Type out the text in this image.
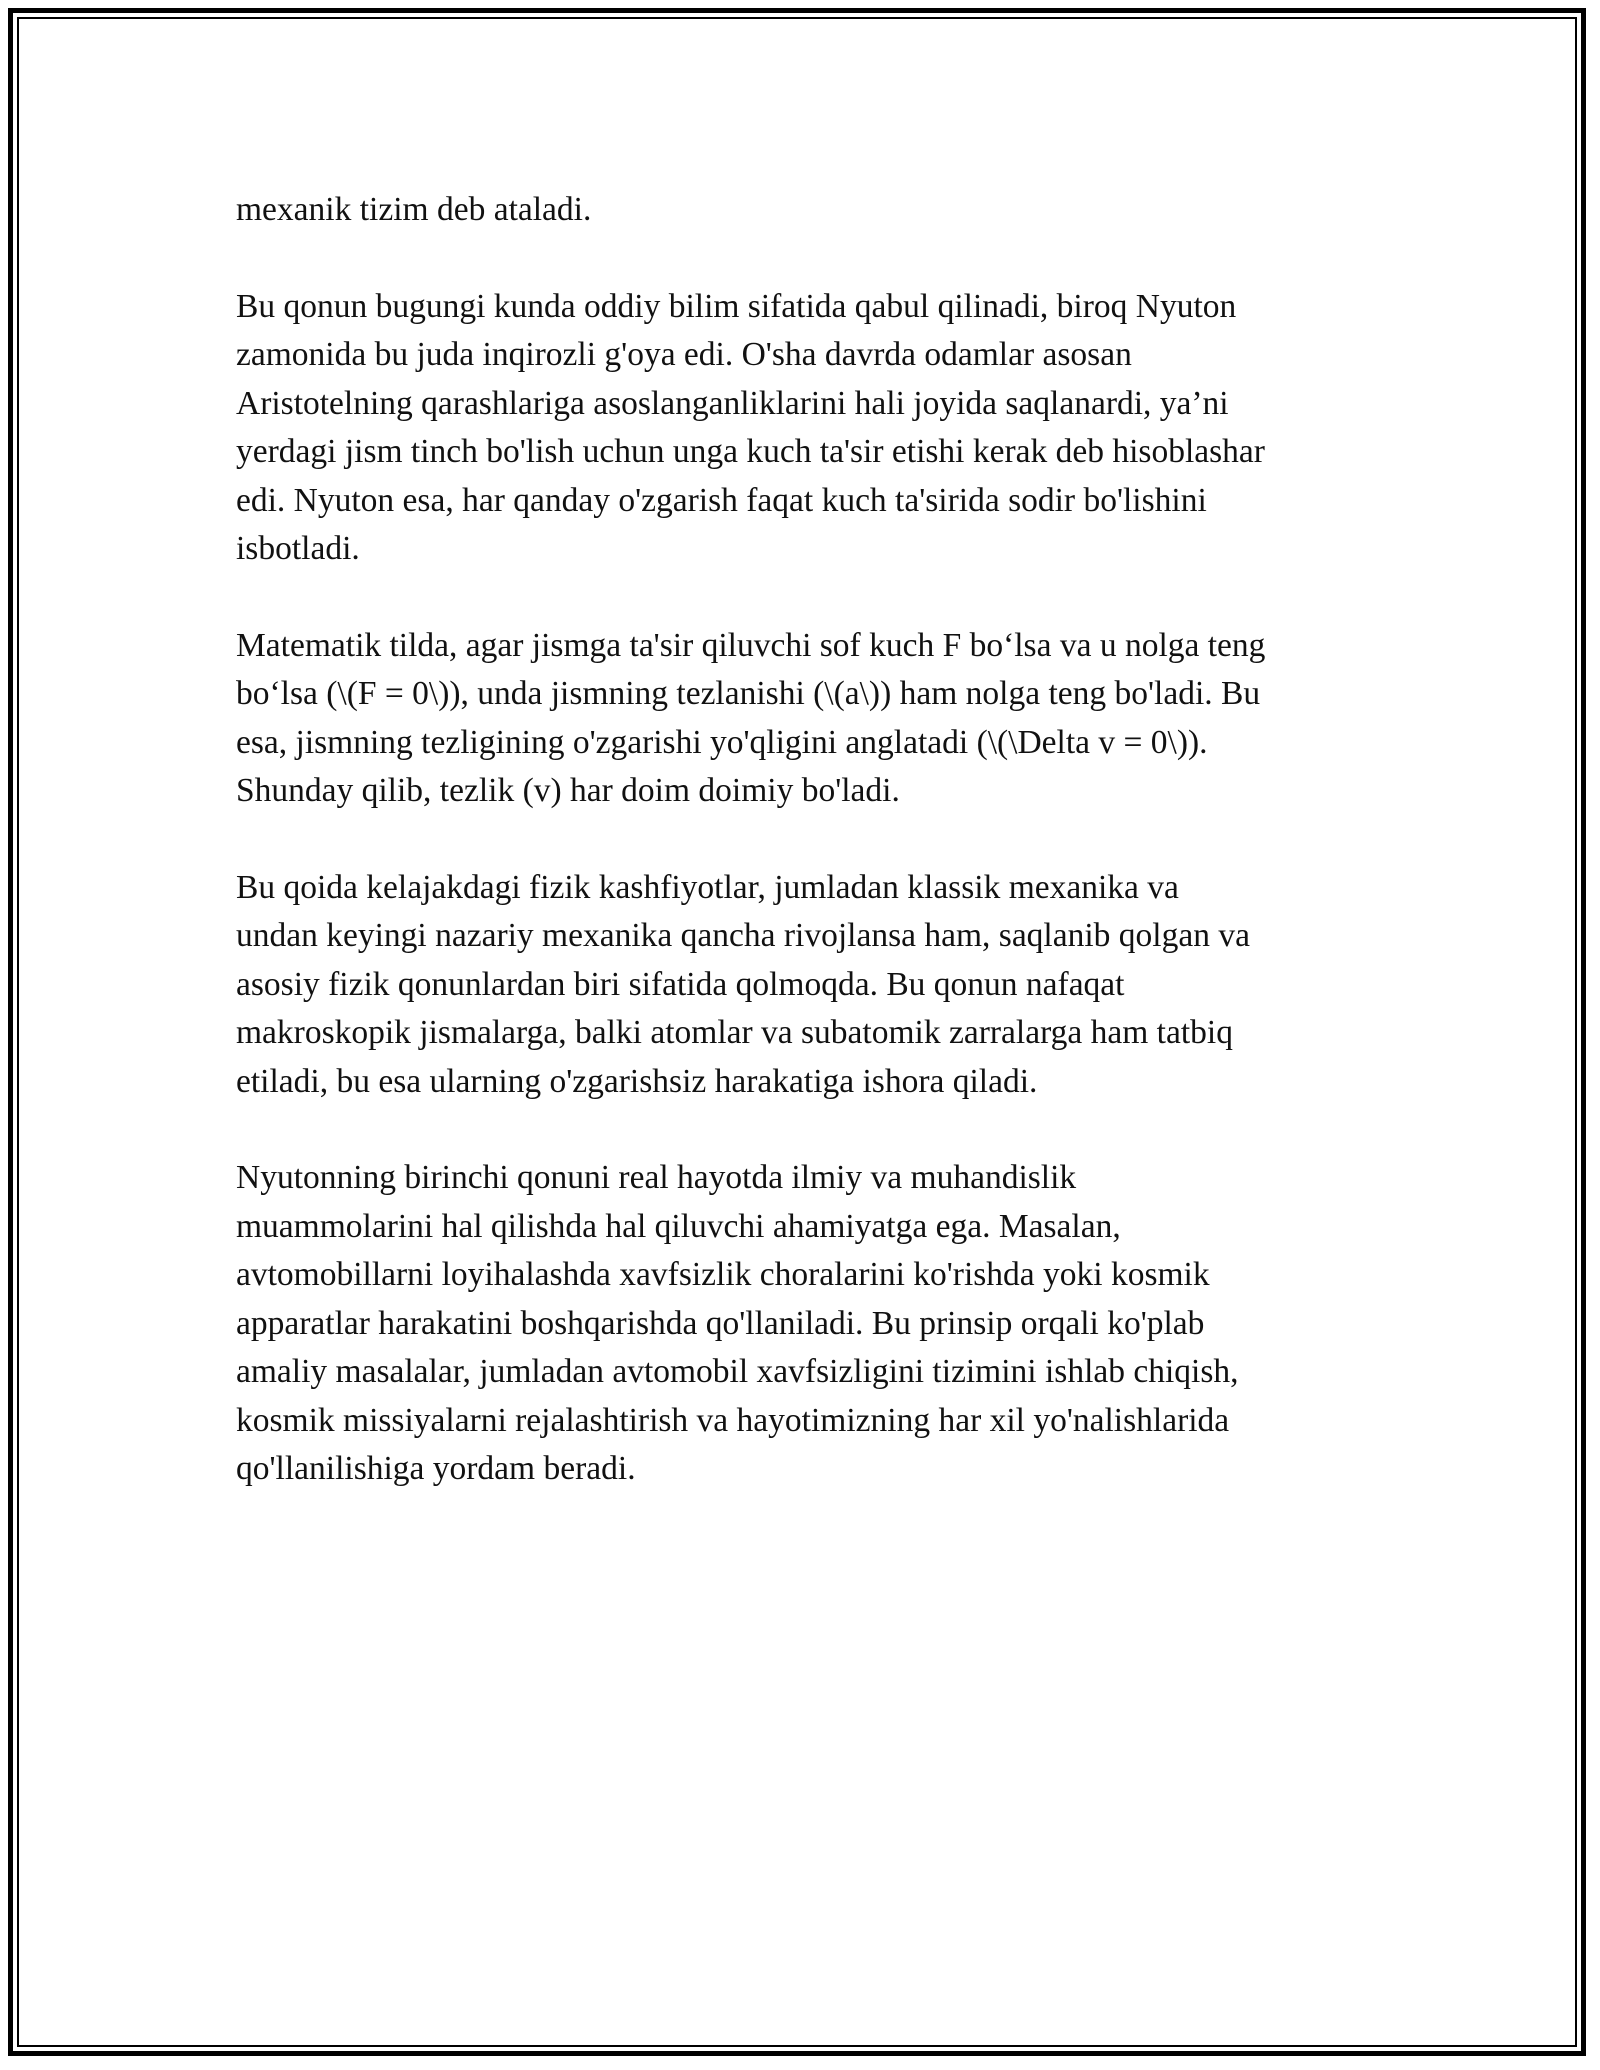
mexanik tizim deb ataladi.

Bu qonun bugungi kunda oddiy bilim sifatida qabul qilinadi, biroq Nyuton
zamonida bu juda inqirozli g'oya edi. O'sha davrda odamlar asosan
Aristotelning qarashlariga asoslanganliklarini hali joyida saqlanardi, ya’ni
yerdagi jism tinch bo'lish uchun unga kuch ta'sir etishi kerak deb hisoblashar
edi. Nyuton esa, har qanday o'zgarish faqat kuch ta'sirida sodir bo'lishini
isbotladi.

Matematik tilda, agar jismga ta'sir qiluvchi sof kuch F bo‘lsa va u nolga teng
bo‘lsa (\(F = 0\)), unda jismning tezlanishi (\(a\)) ham nolga teng bo'ladi. Bu
esa, jismning tezligining o'zgarishi yo'qligini anglatadi (\(\Delta v = 0\)).
Shunday qilib, tezlik (v) har doim doimiy bo'ladi.

Bu qoida kelajakdagi fizik kashfiyotlar, jumladan klassik mexanika va
undan keyingi nazariy mexanika qancha rivojlansa ham, saqlanib qolgan va
asosiy fizik qonunlardan biri sifatida qolmoqda. Bu qonun nafaqat
makroskopik jismalarga, balki atomlar va subatomik zarralarga ham tatbiq
etiladi, bu esa ularning o'zgarishsiz harakatiga ishora qiladi.

Nyutonning birinchi qonuni real hayotda ilmiy va muhandislik
muammolarini hal qilishda hal qiluvchi ahamiyatga ega. Masalan,
avtomobillarni loyihalashda xavfsizlik choralarini ko'rishda yoki kosmik
apparatlar harakatini boshqarishda qo'llaniladi. Bu prinsip orqali ko'plab
amaliy masalalar, jumladan avtomobil xavfsizligini tizimini ishlab chiqish,
kosmik missiyalarni rejalashtirish va hayotimizning har xil yo'nalishlarida
qo'llanilishiga yordam beradi.
